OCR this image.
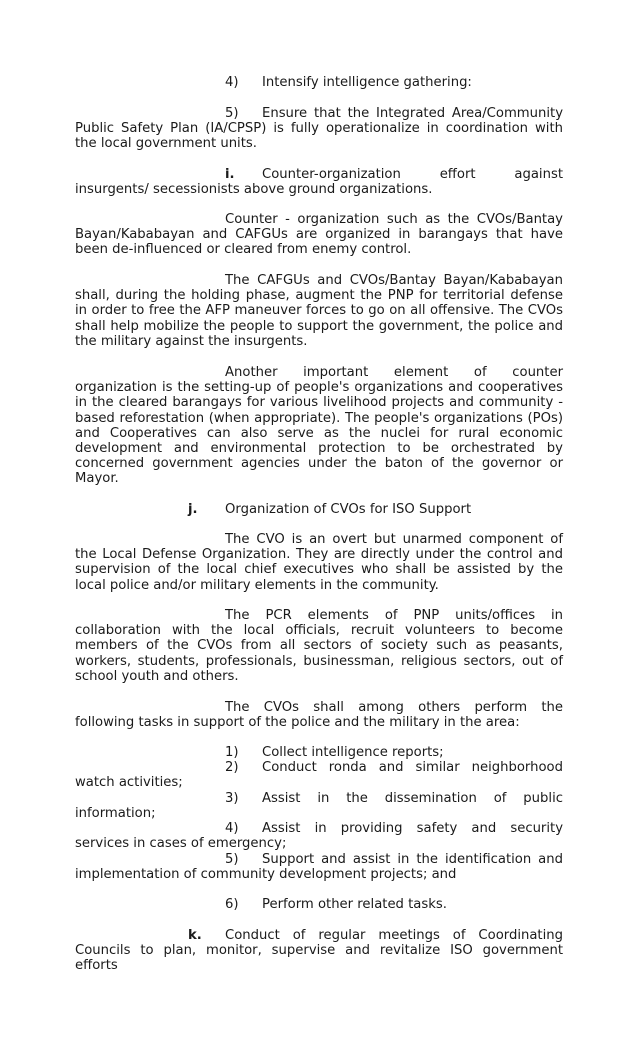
4) Intensify intelligence gathering:

5) Ensure that the Integrated Area/Community Public Safety Plan (IA/CPSP) is fully operationalize in coordination with the local government units.

i. Counter-organization effort against insurgents/ secessionists above ground organizations.

Counter - organization such as the CVOs/Bantay Bayan/Kababayan and CAFGUs are organized in barangays that have been de-influenced or cleared from enemy control.

The CAFGUs and CVOs/Bantay Bayan/Kababayan shall, during the holding phase, augment the PNP for territorial defense in order to free the AFP maneuver forces to go on all offensive. The CVOs shall help mobilize the people to support the government, the police and the military against the insurgents.

Another important element of counter organization is the setting-up of people's organizations and cooperatives in the cleared barangays for various livelihood projects and community - based reforestation (when appropriate). The people's organizations (POs) and Cooperatives can also serve as the nuclei for rural economic development and environmental protection to be orchestrated by concerned government agencies under the baton of the governor or Mayor.

j. Organization of CVOs for ISO Support

The CVO is an overt but unarmed component of the Local Defense Organization. They are directly under the control and supervision of the local chief executives who shall be assisted by the local police and/or military elements in the community.

The PCR elements of PNP units/offices in collaboration with the local officials, recruit volunteers to become members of the CVOs from all sectors of society such as peasants, workers, students, professionals, businessman, religious sectors, out of school youth and others.

The CVOs shall among others perform the following tasks in support of the police and the military in the area:

1) Collect intelligence reports;

2) Conduct ronda and similar neighborhood watch activities;

3) Assist in the dissemination of public information;

4) Assist in providing safety and security services in cases of emergency;

5) Support and assist in the identification and implementation of community development projects; and

6) Perform other related tasks.

k. Conduct of regular meetings of Coordinating Councils to plan, monitor, supervise and revitalize ISO government efforts
